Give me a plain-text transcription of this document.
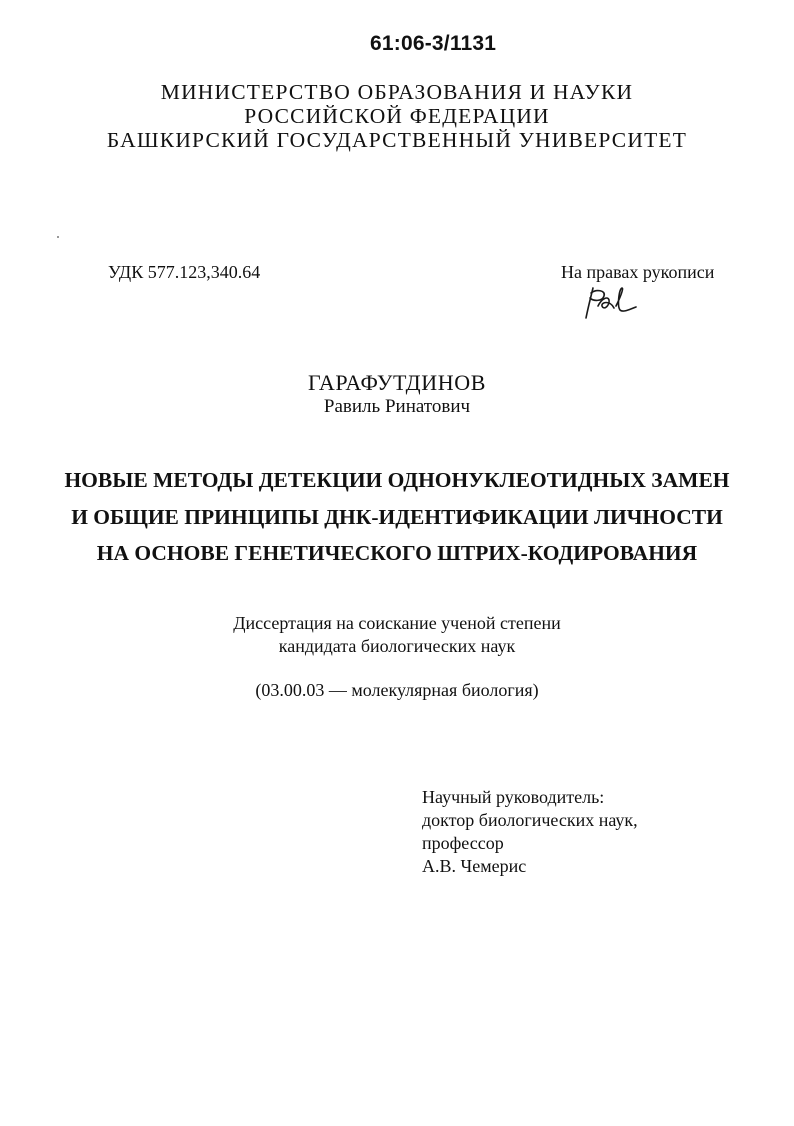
61:06-3/1131
МИНИСТЕРСТВО ОБРАЗОВАНИЯ И НАУКИ
РОССИЙСКОЙ ФЕДЕРАЦИИ
БАШКИРСКИЙ ГОСУДАРСТВЕННЫЙ УНИВЕРСИТЕТ
УДК 577.123,340.64	На правах рукописи
ГАРАФУТДИНОВ
Равиль Ринатович
НОВЫЕ МЕТОДЫ ДЕТЕКЦИИ ОДНОНУКЛЕОТИДНЫХ ЗАМЕН
И ОБЩИЕ ПРИНЦИПЫ ДНК-ИДЕНТИФИКАЦИИ ЛИЧНОСТИ
НА ОСНОВЕ ГЕНЕТИЧЕСКОГО ШТРИХ-КОДИРОВАНИЯ
Диссертация на соискание ученой степени
кандидата биологических наук
(03.00.03 — молекулярная биология)
Научный руководитель:
доктор биологических наук,
профессор
А.В. Чемерис
